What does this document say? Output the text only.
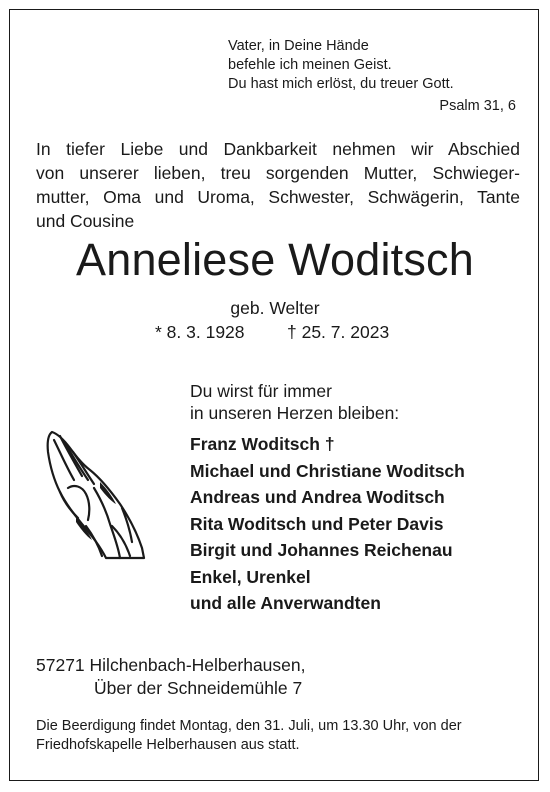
Vater, in Deine Hände
befehle ich meinen Geist.
Du hast mich erlöst, du treuer Gott.
Psalm 31, 6
In tiefer Liebe und Dankbarkeit nehmen wir Abschied
von unserer lieben, treu sorgenden Mutter, Schwieger-
mutter, Oma und Uroma, Schwester, Schwägerin, Tante
und Cousine
Anneliese Woditsch
geb. Welter
* 8. 3. 1928 † 25. 7. 2023
Du wirst für immer
in unseren Herzen bleiben:
Franz Woditsch †
Michael und Christiane Woditsch
Andreas und Andrea Woditsch
Rita Woditsch und Peter Davis
Birgit und Johannes Reichenau
Enkel, Urenkel
und alle Anverwandten
57271 Hilchenbach-Helberhausen,
Über der Schneidemühle 7
Die Beerdigung findet Montag, den 31. Juli, um 13.30 Uhr, von der Friedhofskapelle Helberhausen aus statt.
